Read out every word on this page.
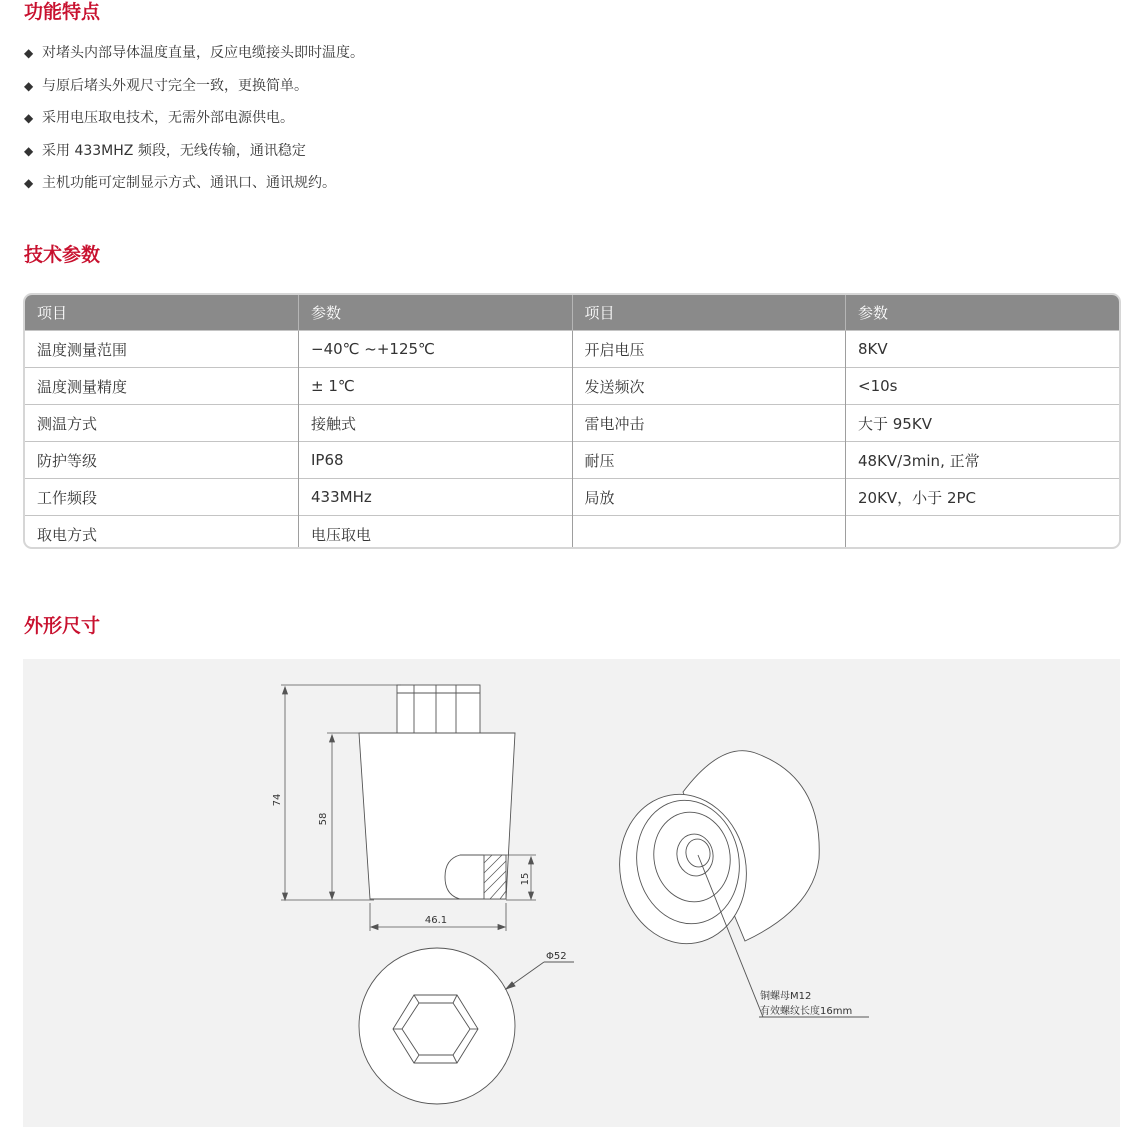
功能特点
◆ 对堵头内部导体温度直量，反应电缆接头即时温度。
◆ 与原后堵头外观尺寸完全一致，更换简单。
◆ 采用电压取电技术，无需外部电源供电。
◆ 采用 433MHZ 频段，无线传输，通讯稳定
◆ 主机功能可定制显示方式、通讯口、通讯规约。
技术参数
项目	参数	项目	参数
温度测量范围	−40℃ ~+125℃	开启电压	8KV
温度测量精度	± 1℃	发送频次	<10s
测温方式	接触式	雷电冲击	大于 95KV
防护等级	IP68	耐压	48KV/3min, 正常
工作频段	433MHz	局放	20KV，小于 2PC
取电方式	电压取电		
外形尺寸
74
58
15
46.1
Φ52
铜螺母M12
有效螺纹长度16mm
